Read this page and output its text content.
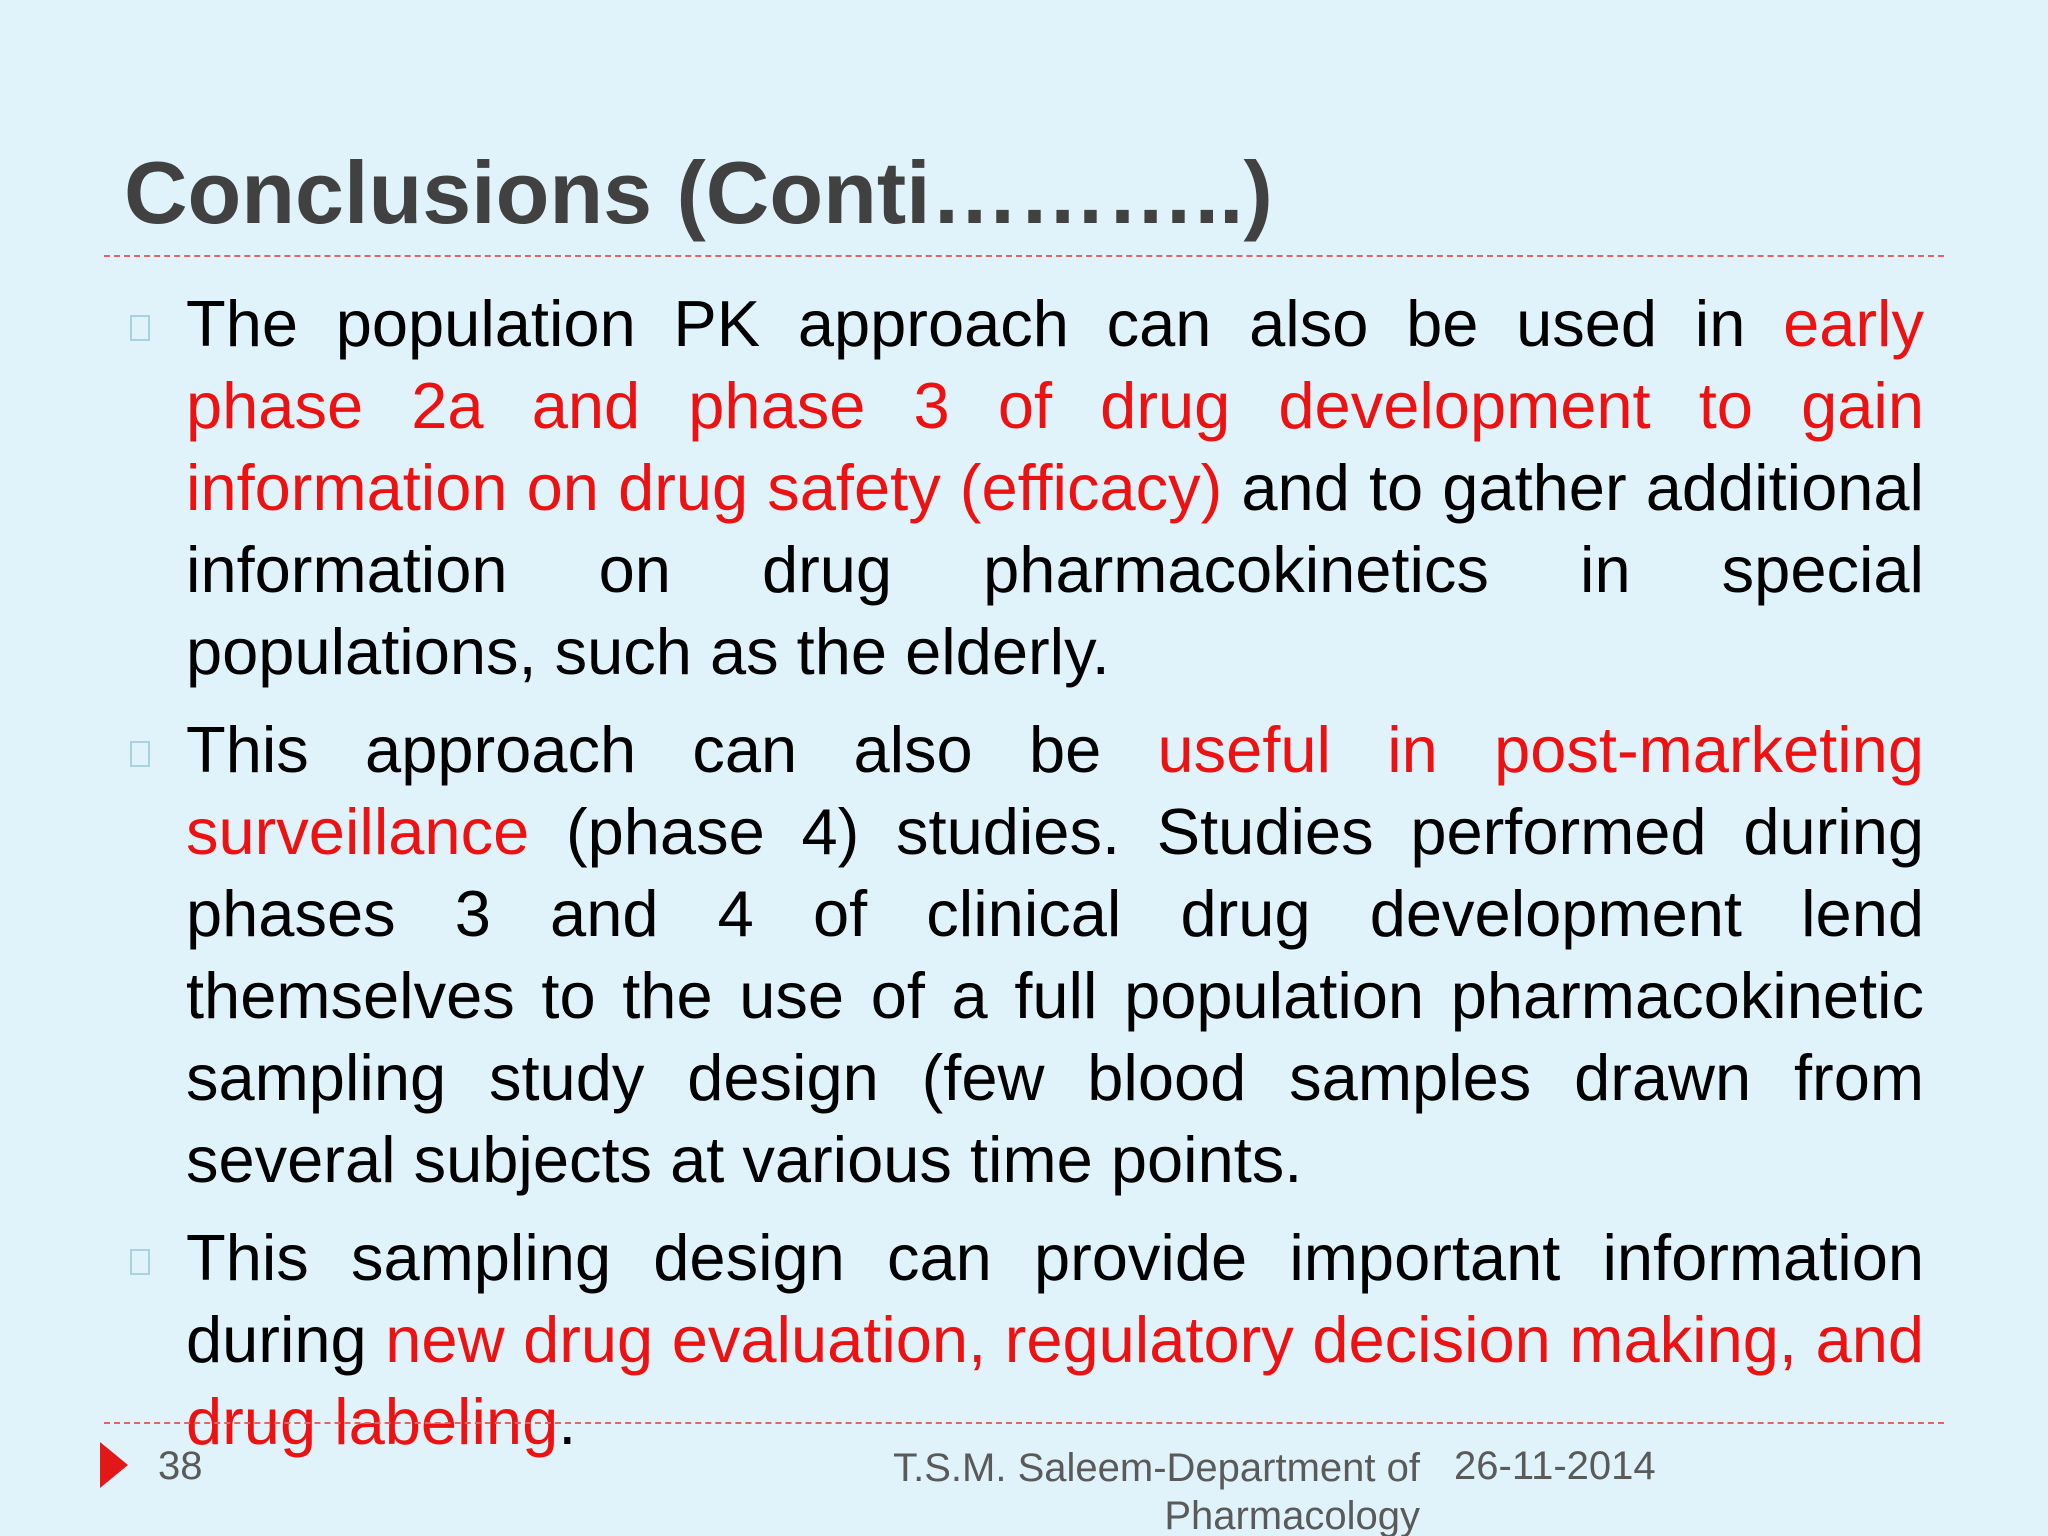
Conclusions (Conti………..)

The population PK approach can also be used in early phase 2a and phase 3 of drug development to gain information on drug safety (efficacy) and to gather additional information on drug pharmacokinetics in special populations, such as the elderly.

This approach can also be useful in post-marketing surveillance (phase 4) studies. Studies performed during phases 3 and 4 of clinical drug development lend themselves to the use of a full population pharmacokinetic sampling study design (few blood samples drawn from several subjects at various time points.

This sampling design can provide important information during new drug evaluation, regulatory decision making, and drug labeling.

38	T.S.M. Saleem-Department of
Pharmacology
26-11-2014
